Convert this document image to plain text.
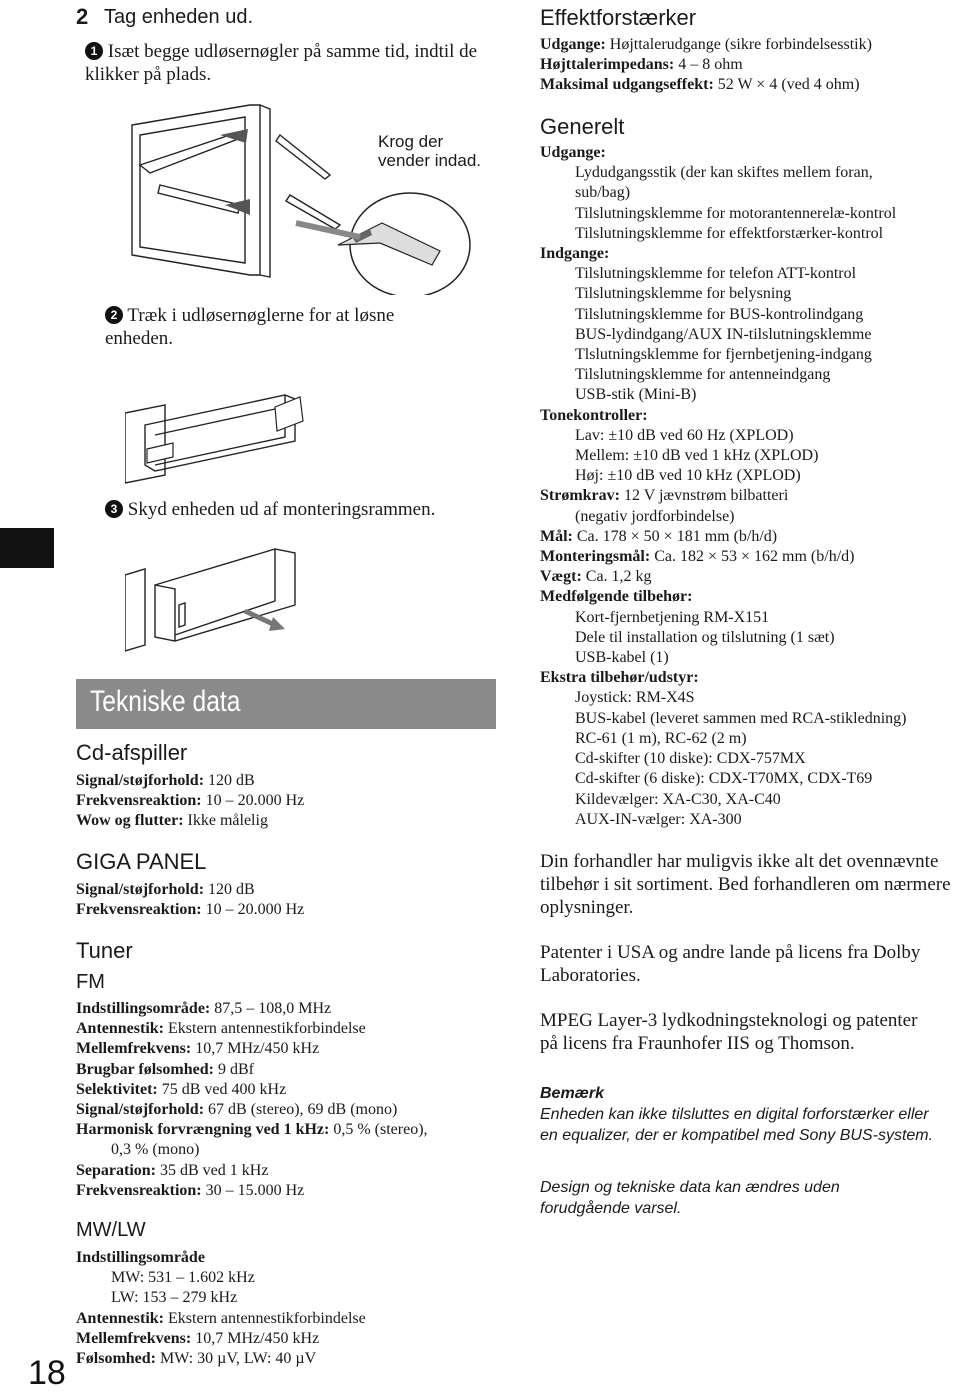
18
2 Tag enheden ud.
1 Isæt begge udløsernøgler på samme tid, indtil de klikker på plads.
Krog der
vender indad.
2 Træk i udløsernøglerne for at løsne enheden.
3 Skyd enheden ud af monteringsrammen.
Tekniske data
Cd-afspiller
Signal/støjforhold: 120 dB
Frekvensreaktion: 10 – 20.000 Hz
Wow og flutter: Ikke målelig
GIGA PANEL
Signal/støjforhold: 120 dB
Frekvensreaktion: 10 – 20.000 Hz
Tuner
FM
Indstillingsområde: 87,5 – 108,0 MHz
Antennestik: Ekstern antennestikforbindelse
Mellemfrekvens: 10,7 MHz/450 kHz
Brugbar følsomhed: 9 dBf
Selektivitet: 75 dB ved 400 kHz
Signal/støjforhold: 67 dB (stereo), 69 dB (mono)
Harmonisk forvrængning ved 1 kHz: 0,5 % (stereo),
0,3 % (mono)
Separation: 35 dB ved 1 kHz
Frekvensreaktion: 30 – 15.000 Hz
MW/LW
Indstillingsområde
MW: 531 – 1.602 kHz
LW: 153 – 279 kHz
Antennestik: Ekstern antennestikforbindelse
Mellemfrekvens: 10,7 MHz/450 kHz
Følsomhed: MW: 30 µV, LW: 40 µV
Effektforstærker
Udgange: Højttalerudgange (sikre forbindelsesstik)
Højttalerimpedans: 4 – 8 ohm
Maksimal udgangseffekt: 52 W × 4 (ved 4 ohm)
Generelt
Udgange:
Lydudgangsstik (der kan skiftes mellem foran,
sub/bag)
Tilslutningsklemme for motorantennerelæ-kontrol
Tilslutningsklemme for effektforstærker-kontrol
Indgange:
Tilslutningsklemme for telefon ATT-kontrol
Tilslutningsklemme for belysning
Tilslutningsklemme for BUS-kontrolindgang
BUS-lydindgang/AUX IN-tilslutningsklemme
Tlslutningsklemme for fjernbetjening-indgang
Tilslutningsklemme for antenneindgang
USB-stik (Mini-B)
Tonekontroller:
Lav: ±10 dB ved 60 Hz (XPLOD)
Mellem: ±10 dB ved 1 kHz (XPLOD)
Høj: ±10 dB ved 10 kHz (XPLOD)
Strømkrav: 12 V jævnstrøm bilbatteri
(negativ jordforbindelse)
Mål: Ca. 178 × 50 × 181 mm (b/h/d)
Monteringsmål: Ca. 182 × 53 × 162 mm (b/h/d)
Vægt: Ca. 1,2 kg
Medfølgende tilbehør:
Kort-fjernbetjening RM-X151
Dele til installation og tilslutning (1 sæt)
USB-kabel (1)
Ekstra tilbehør/udstyr:
Joystick: RM-X4S
BUS-kabel (leveret sammen med RCA-stikledning)
RC-61 (1 m), RC-62 (2 m)
Cd-skifter (10 diske): CDX-757MX
Cd-skifter (6 diske): CDX-T70MX, CDX-T69
Kildevælger: XA-C30, XA-C40
AUX-IN-vælger: XA-300
Din forhandler har muligvis ikke alt det ovennævnte tilbehør i sit sortiment. Bed forhandleren om nærmere oplysninger.
Patenter i USA og andre lande på licens fra Dolby Laboratories.
MPEG Layer-3 lydkodningsteknologi og patenter på licens fra Fraunhofer IIS og Thomson.
Bemærk
Enheden kan ikke tilsluttes en digital forforstærker eller en equalizer, der er kompatibel med Sony BUS-system.
Design og tekniske data kan ændres uden forudgående varsel.
